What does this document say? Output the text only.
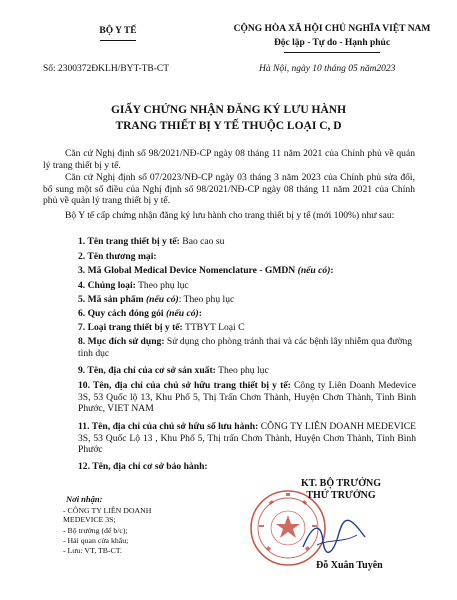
BỘ Y TẾ	CỘNG HÒA XÃ HỘI CHỦ NGHĨA VIỆT NAM
Độc lập - Tự do - Hạnh phúc
Số: 2300372ĐKLH/BYT-TB-CT	Hà Nội, ngày 10 tháng 05 năm2023
GIẤY CHỨNG NHẬN ĐĂNG KÝ LƯU HÀNH
TRANG THIẾT BỊ Y TẾ THUỘC LOẠI C, D
Căn cứ Nghị định số 98/2021/NĐ-CP ngày 08 tháng 11 năm 2021 của Chính phủ về quản lý trang thiết bị y tế.
Căn cứ Nghị định số 07/2023/NĐ-CP ngày 03 tháng 3 năm 2023 của Chính phủ sửa đổi, bổ sung một số điều của Nghị định số 98/2021/NĐ-CP ngày 08 tháng 11 năm 2021 của Chính phủ về quản lý trang thiết bị y tế.
Bộ Y tế cấp chứng nhận đăng ký lưu hành cho trang thiết bị y tế (mới 100%) như sau:
1. Tên trang thiết bị y tế: Bao cao su
2. Tên thương mại:
3. Mã Global Medical Device Nomenclature - GMDN (nếu có):
4. Chủng loại: Theo phụ lục
5. Mã sản phẩm (nếu có): Theo phụ lục
6. Quy cách đóng gói (nếu có):
7. Loại trang thiết bị y tế: TTBYT Loại C
8. Mục đích sử dụng: Sử dụng cho phòng tránh thai và các bệnh lây nhiễm qua đường tình dục
9. Tên, địa chỉ của cơ sở sản xuất: Theo phụ lục
10. Tên, địa chỉ của chủ sở hữu trang thiết bị y tế: Công ty Liên Doanh Medevice 3S, 53 Quốc lộ 13, Khu Phố 5, Thị Trấn Chơn Thành, Huyện Chơn Thành, Tỉnh Bình Phước, VIET NAM
11. Tên, địa chỉ của chủ sở hữu số lưu hành: CÔNG TY LIÊN DOANH MEDEVICE 3S, 53 Quốc Lộ 13 , Khu Phố 5, Thị trấn Chơn Thành, Huyện Chơn Thành, Tỉnh Bình Phước
12. Tên, địa chỉ cơ sở bảo hành:
Nơi nhận:
- CÔNG TY LIÊN DOANH MEDEVICE 3S;
- Bộ trưởng (để b/c);
- Hải quan cửa khẩu;
- Lưu: VT, TB-CT.
KT. BỘ TRƯỞNG
THỨ TRƯỞNG
Đỗ Xuân Tuyên
